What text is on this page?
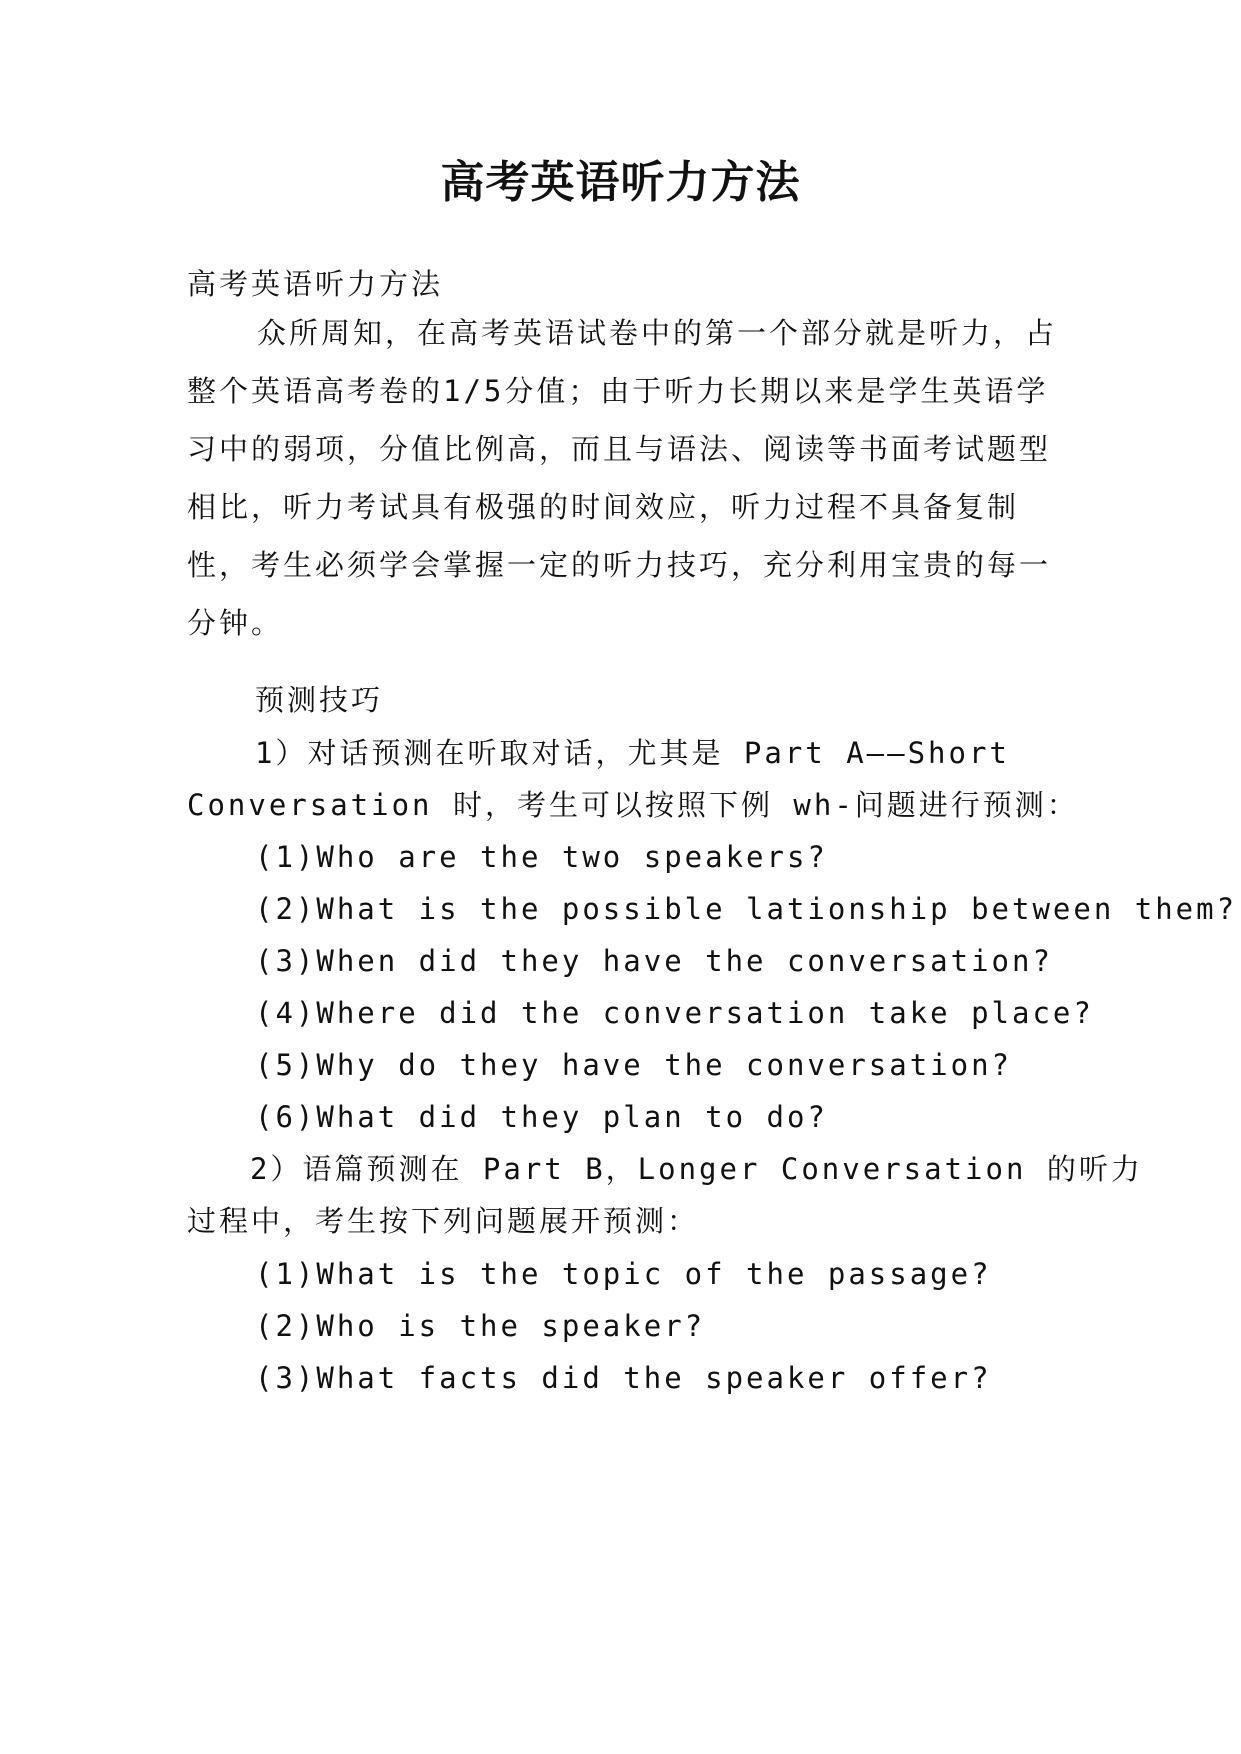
高考英语听力方法
高考英语听力方法
众所周知，在高考英语试卷中的第一个部分就是听力，占整个英语高考卷的1/5分值；由于听力长期以来是学生英语学习中的弱项，分值比例高，而且与语法、阅读等书面考试题型相比，听力考试具有极强的时间效应，听力过程不具备复制性，考生必须学会掌握一定的听力技巧，充分利用宝贵的每一分钟。
预测技巧
1）对话预测在听取对话，尤其是 Part A——Short
Conversation 时，考生可以按照下例 wh-问题进行预测：
(1)Who are the two speakers?
(2)What is the possible lationship between them?
(3)When did they have the conversation?
(4)Where did the conversation take place?
(5)Why do they have the conversation?
(6)What did they plan to do?
2）语篇预测在 Part B，Longer Conversation 的听力
过程中，考生按下列问题展开预测：
(1)What is the topic of the passage?
(2)Who is the speaker?
(3)What facts did the speaker offer?
